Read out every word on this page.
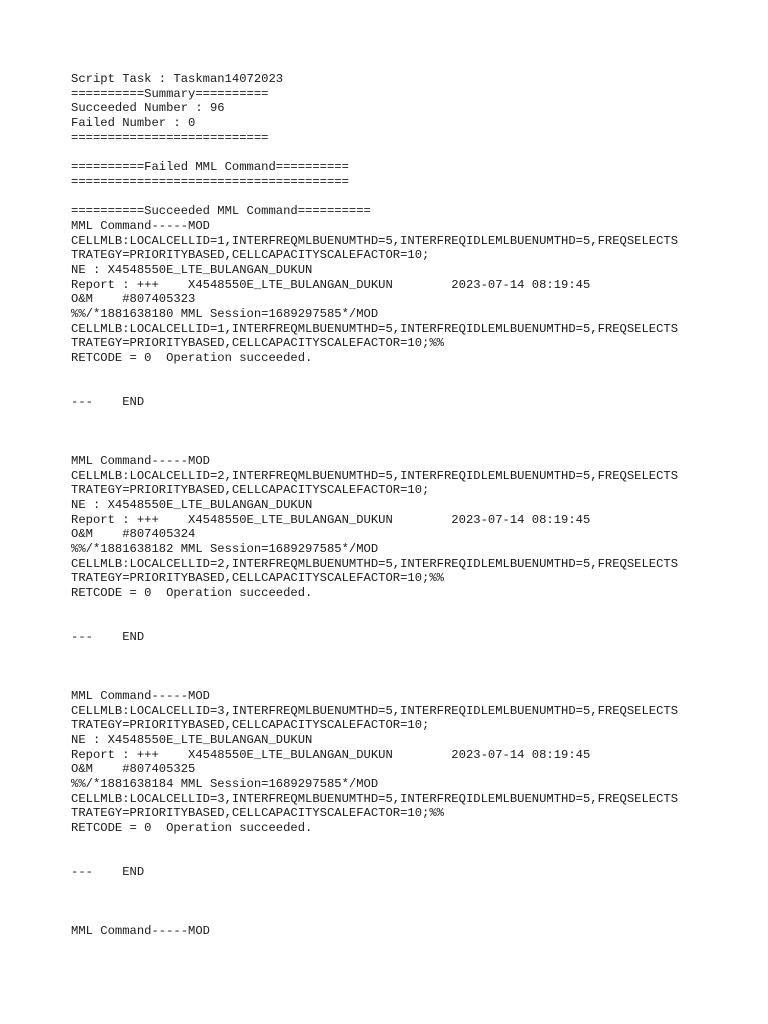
Script Task : Taskman14072023
==========Summary==========
Succeeded Number : 96
Failed Number : 0
===========================
==========Failed MML Command==========
======================================
==========Succeeded MML Command==========
MML Command-----MOD
CELLMLB:LOCALCELLID=1,INTERFREQMLBUENUMTHD=5,INTERFREQIDLEMLBUENUMTHD=5,FREQSELECTS
TRATEGY=PRIORITYBASED,CELLCAPACITYSCALEFACTOR=10;
NE : X4548550E_LTE_BULANGAN_DUKUN
Report : +++    X4548550E_LTE_BULANGAN_DUKUN        2023-07-14 08:19:45
O&M    #807405323
%%/*1881638180 MML Session=1689297585*/MOD
CELLMLB:LOCALCELLID=1,INTERFREQMLBUENUMTHD=5,INTERFREQIDLEMLBUENUMTHD=5,FREQSELECTS
TRATEGY=PRIORITYBASED,CELLCAPACITYSCALEFACTOR=10;%%
RETCODE = 0  Operation succeeded.
---    END
MML Command-----MOD
CELLMLB:LOCALCELLID=2,INTERFREQMLBUENUMTHD=5,INTERFREQIDLEMLBUENUMTHD=5,FREQSELECTS
TRATEGY=PRIORITYBASED,CELLCAPACITYSCALEFACTOR=10;
NE : X4548550E_LTE_BULANGAN_DUKUN
Report : +++    X4548550E_LTE_BULANGAN_DUKUN        2023-07-14 08:19:45
O&M    #807405324
%%/*1881638182 MML Session=1689297585*/MOD
CELLMLB:LOCALCELLID=2,INTERFREQMLBUENUMTHD=5,INTERFREQIDLEMLBUENUMTHD=5,FREQSELECTS
TRATEGY=PRIORITYBASED,CELLCAPACITYSCALEFACTOR=10;%%
RETCODE = 0  Operation succeeded.
---    END
MML Command-----MOD
CELLMLB:LOCALCELLID=3,INTERFREQMLBUENUMTHD=5,INTERFREQIDLEMLBUENUMTHD=5,FREQSELECTS
TRATEGY=PRIORITYBASED,CELLCAPACITYSCALEFACTOR=10;
NE : X4548550E_LTE_BULANGAN_DUKUN
Report : +++    X4548550E_LTE_BULANGAN_DUKUN        2023-07-14 08:19:45
O&M    #807405325
%%/*1881638184 MML Session=1689297585*/MOD
CELLMLB:LOCALCELLID=3,INTERFREQMLBUENUMTHD=5,INTERFREQIDLEMLBUENUMTHD=5,FREQSELECTS
TRATEGY=PRIORITYBASED,CELLCAPACITYSCALEFACTOR=10;%%
RETCODE = 0  Operation succeeded.
---    END
MML Command-----MOD
